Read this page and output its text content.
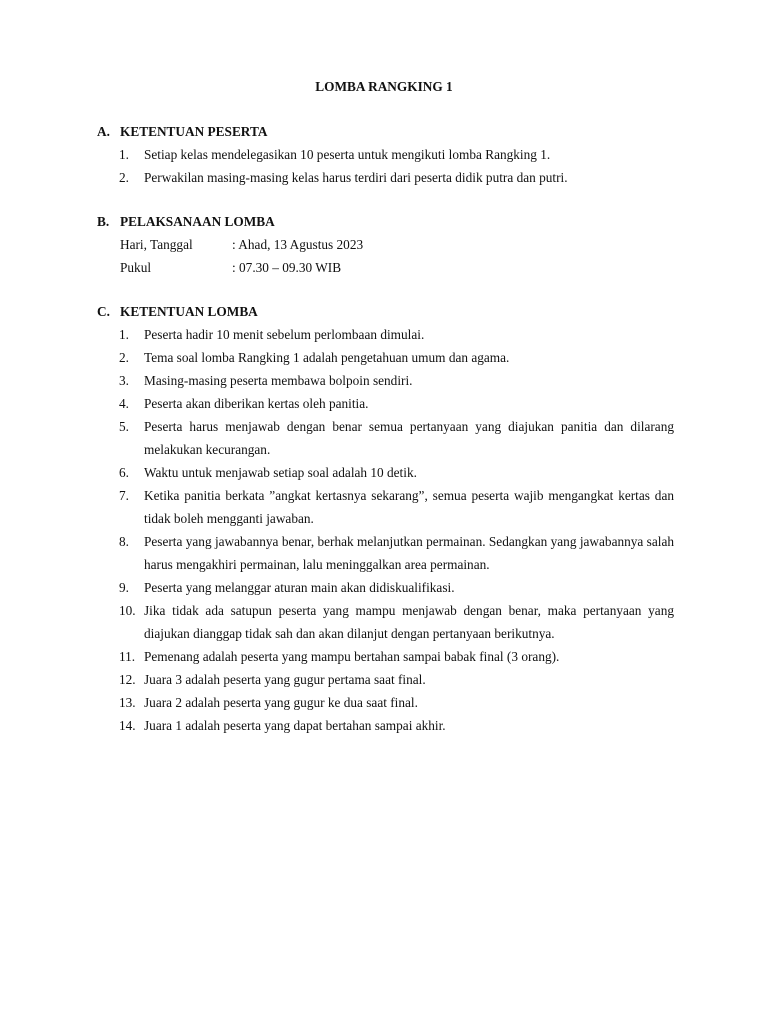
LOMBA RANGKING 1
A. KETENTUAN PESERTA
1. Setiap kelas mendelegasikan 10 peserta untuk mengikuti lomba Rangking 1.
2. Perwakilan masing-masing kelas harus terdiri dari peserta didik putra dan putri.
B. PELAKSANAAN LOMBA
Hari, Tanggal	: Ahad, 13 Agustus 2023
Pukul	: 07.30 – 09.30 WIB
C. KETENTUAN LOMBA
1. Peserta hadir 10 menit sebelum perlombaan dimulai.
2. Tema soal lomba Rangking 1 adalah pengetahuan umum dan agama.
3. Masing-masing peserta membawa bolpoin sendiri.
4. Peserta akan diberikan kertas oleh panitia.
5. Peserta harus menjawab dengan benar semua pertanyaan yang diajukan panitia dan dilarang melakukan kecurangan.
6. Waktu untuk menjawab setiap soal adalah 10 detik.
7. Ketika panitia berkata ”angkat kertasnya sekarang”, semua peserta wajib mengangkat kertas dan tidak boleh mengganti jawaban.
8. Peserta yang jawabannya benar, berhak melanjutkan permainan. Sedangkan yang jawabannya salah harus mengakhiri permainan, lalu meninggalkan area permainan.
9. Peserta yang melanggar aturan main akan didiskualifikasi.
10. Jika tidak ada satupun peserta yang mampu menjawab dengan benar, maka pertanyaan yang diajukan dianggap tidak sah dan akan dilanjut dengan pertanyaan berikutnya.
11. Pemenang adalah peserta yang mampu bertahan sampai babak final (3 orang).
12. Juara 3 adalah peserta yang gugur pertama saat final.
13. Juara 2 adalah peserta yang gugur ke dua saat final.
14. Juara 1 adalah peserta yang dapat bertahan sampai akhir.
